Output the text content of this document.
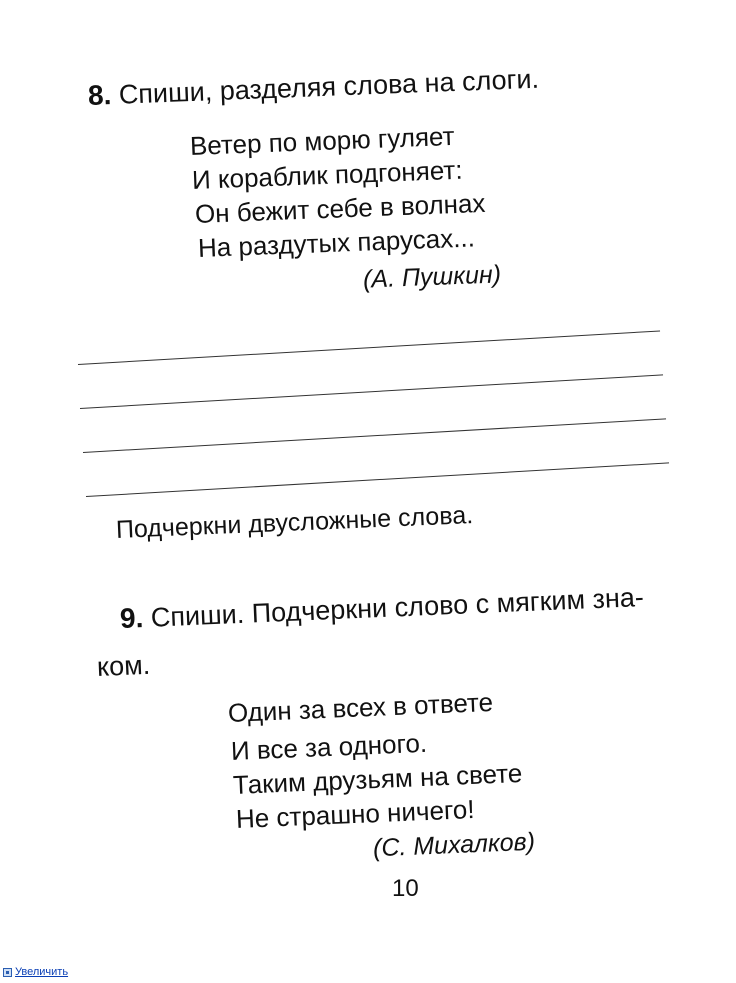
8. Спиши, разделяя слова на слоги.
Ветер по морю гуляет
И кораблик подгоняет:
Он бежит себе в волнах
На раздутых парусах...
(А. Пушкин)
Подчеркни двусложные слова.
9. Спиши. Подчеркни слово с мягким зна-
ком.
Один за всех в ответе
И все за одного.
Таким друзьям на свете
Не страшно ничего!
(С. Михалков)
10
Увеличить
